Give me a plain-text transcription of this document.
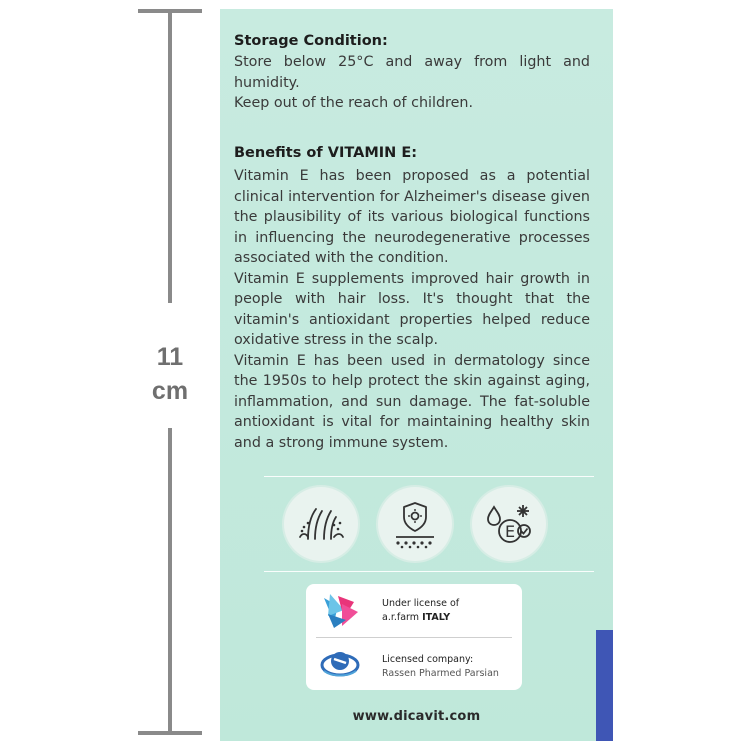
11
cm
Storage Condition:

Store below 25°C and away from light and humidity.

Keep out of the reach of children.

Benefits of VITAMIN E:

Vitamin E has been proposed as a potential clinical intervention for Alzheimer's disease given the plausibility of its various biological functions in influencing the neurodegenerative processes associated with the condition.

Vitamin E supplements improved hair growth in people with hair loss. It's thought that the vitamin's antioxidant properties helped reduce oxidative stress in the scalp.

Vitamin E has been used in dermatology since the 1950s to help protect the skin against aging, inflammation, and sun damage. The fat-soluble antioxidant is vital for maintaining healthy skin and a strong immune system.

E
Under license of
a.r.farm ITALY
Licensed company:
Rassen Pharmed Parsian
www.dicavit.com
